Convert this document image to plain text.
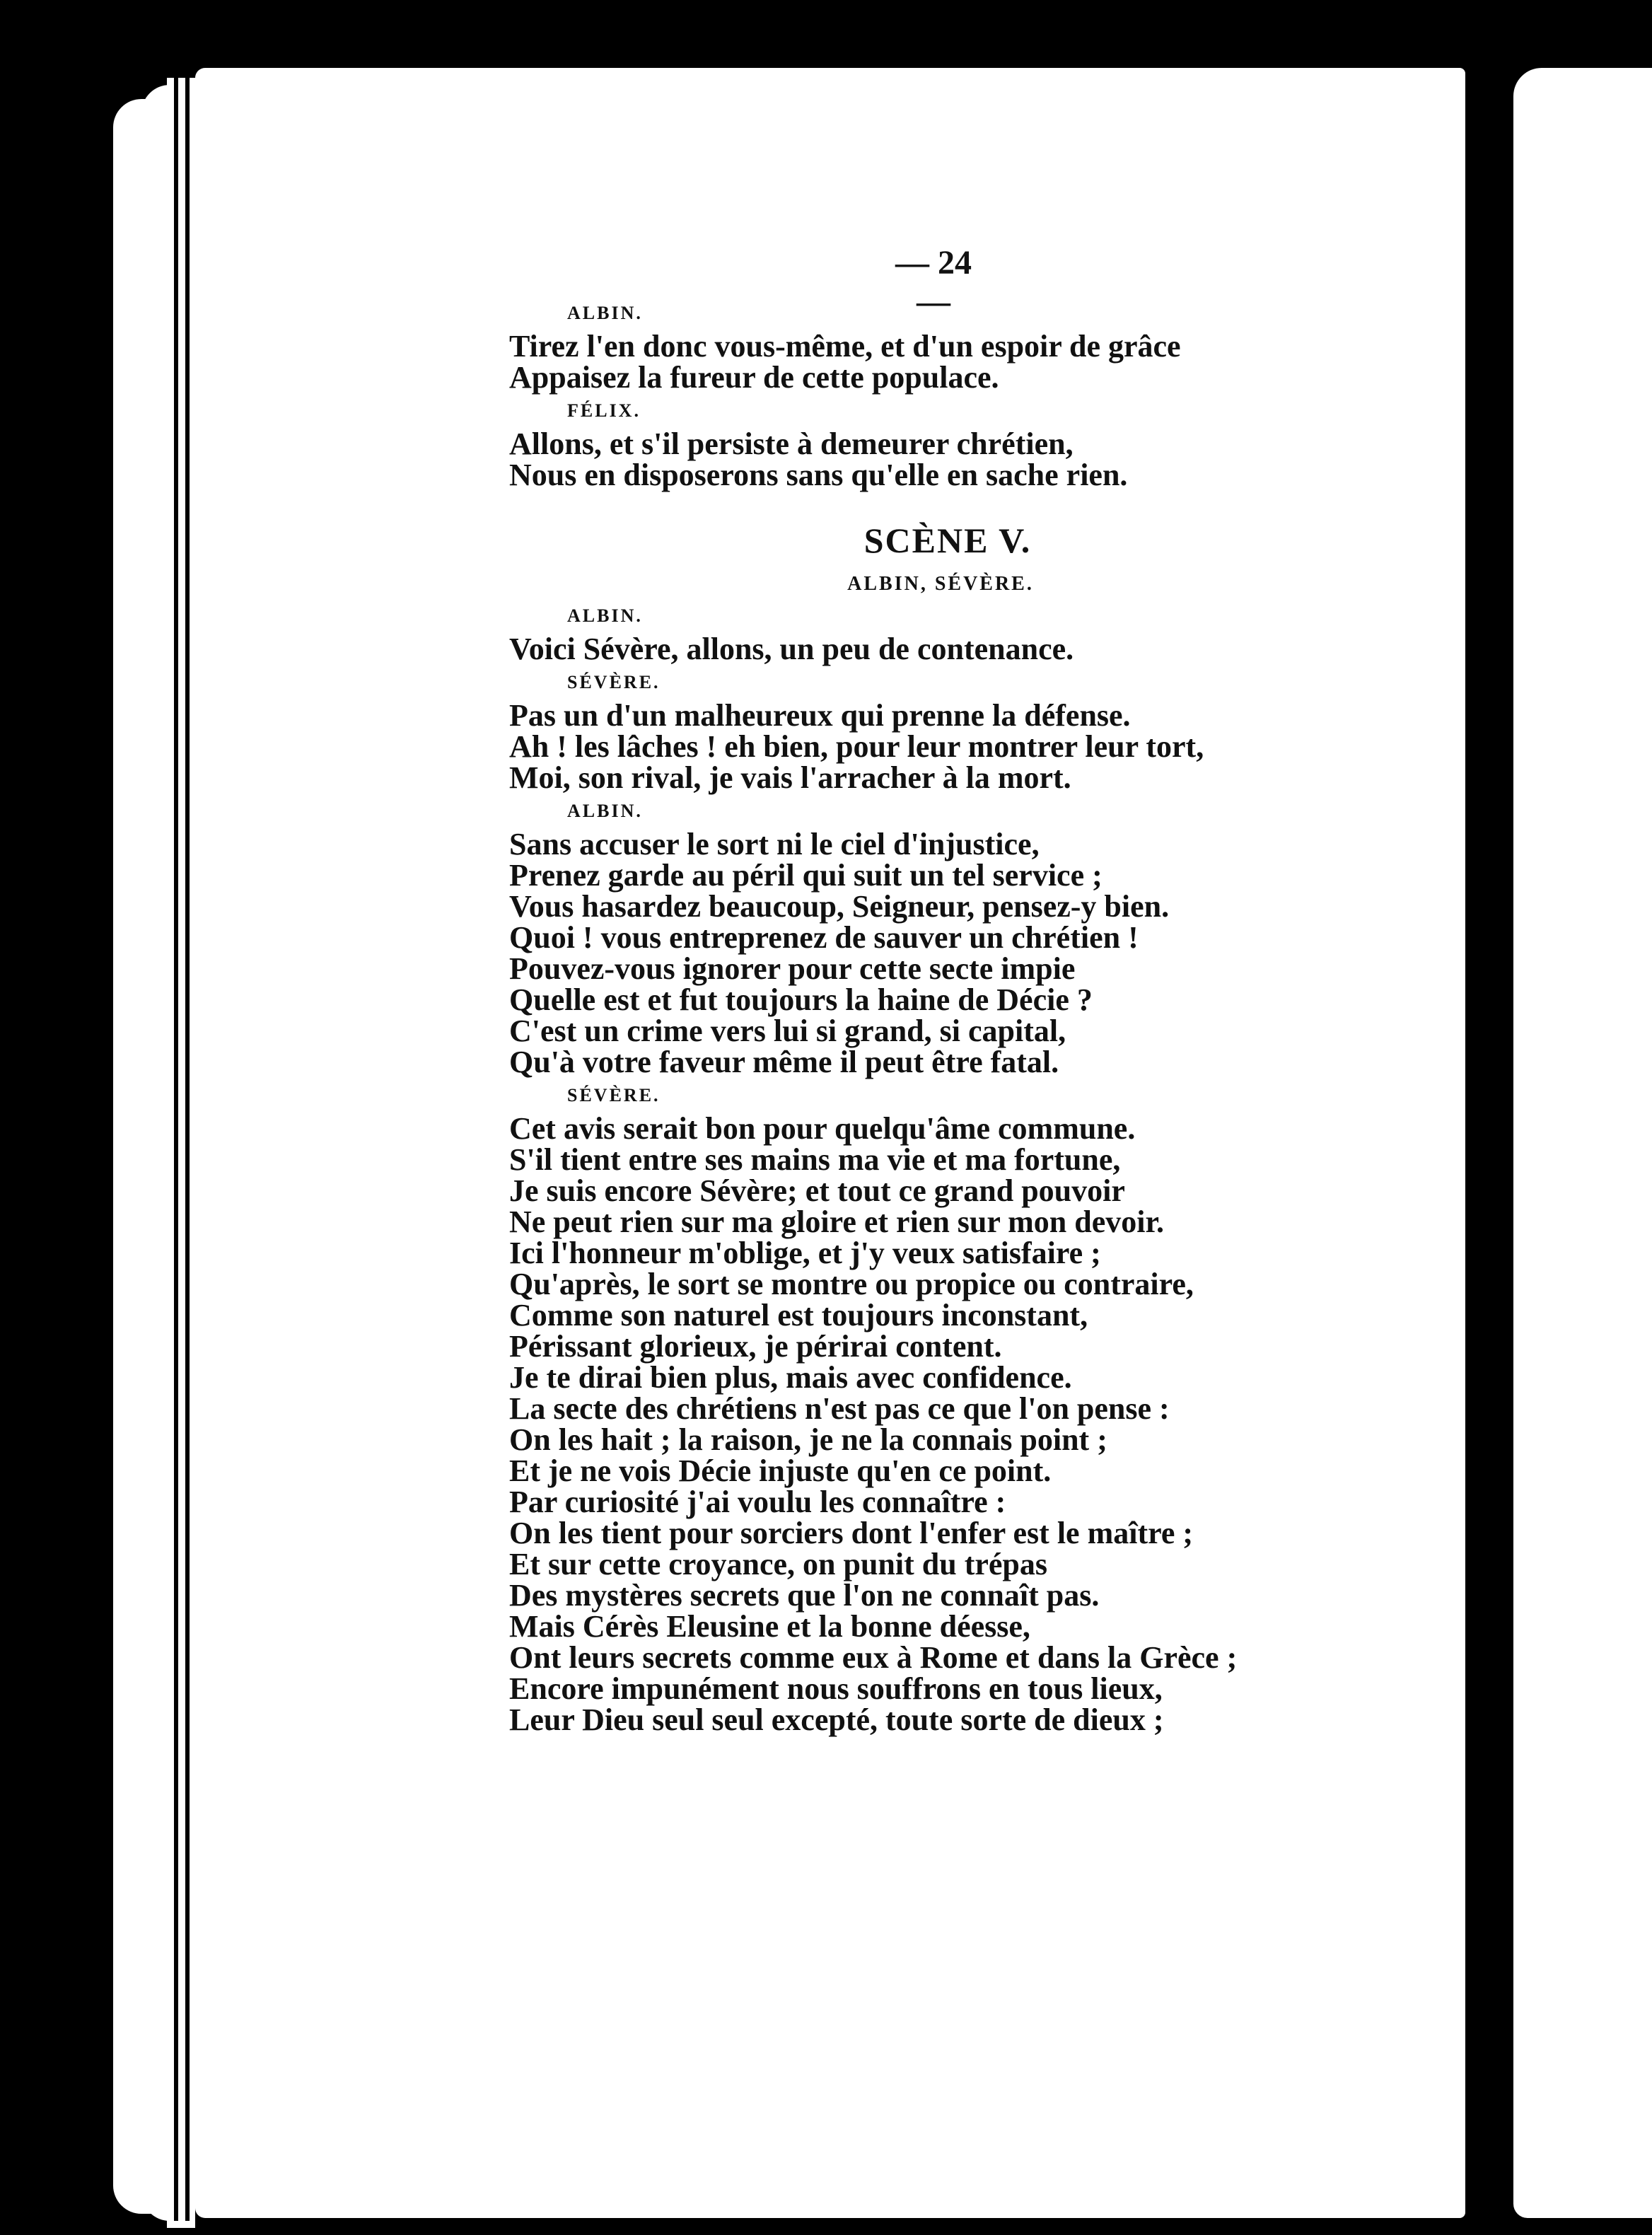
— 24 —
ALBIN.
Tirez l'en donc vous-même, et d'un espoir de grâce
Appaisez la fureur de cette populace.
FÉLIX.
Allons, et s'il persiste à demeurer chrétien,
Nous en disposerons sans qu'elle en sache rien.
SCÈNE V.
ALBIN, SÉVÈRE.
ALBIN.
Voici Sévère, allons, un peu de contenance.
SÉVÈRE.
Pas un d'un malheureux qui prenne la défense.
Ah ! les lâches ! eh bien, pour leur montrer leur tort,
Moi, son rival, je vais l'arracher à la mort.
ALBIN.
Sans accuser le sort ni le ciel d'injustice,
Prenez garde au péril qui suit un tel service ;
Vous hasardez beaucoup, Seigneur, pensez-y bien.
Quoi ! vous entreprenez de sauver un chrétien !
Pouvez-vous ignorer pour cette secte impie
Quelle est et fut toujours la haine de Décie ?
C'est un crime vers lui si grand, si capital,
Qu'à votre faveur même il peut être fatal.
SÉVÈRE.
Cet avis serait bon pour quelqu'âme commune.
S'il tient entre ses mains ma vie et ma fortune,
Je suis encore Sévère; et tout ce grand pouvoir
Ne peut rien sur ma gloire et rien sur mon devoir.
Ici l'honneur m'oblige, et j'y veux satisfaire ;
Qu'après, le sort se montre ou propice ou contraire,
Comme son naturel est toujours inconstant,
Périssant glorieux, je périrai content.
Je te dirai bien plus, mais avec confidence.
La secte des chrétiens n'est pas ce que l'on pense :
On les hait ; la raison, je ne la connais point ;
Et je ne vois Décie injuste qu'en ce point.
Par curiosité j'ai voulu les connaître :
On les tient pour sorciers dont l'enfer est le maître ;
Et sur cette croyance, on punit du trépas
Des mystères secrets que l'on ne connaît pas.
Mais Cérès Eleusine et la bonne déesse,
Ont leurs secrets comme eux à Rome et dans la Grèce ;
Encore impunément nous souffrons en tous lieux,
Leur Dieu seul seul excepté, toute sorte de dieux ;
